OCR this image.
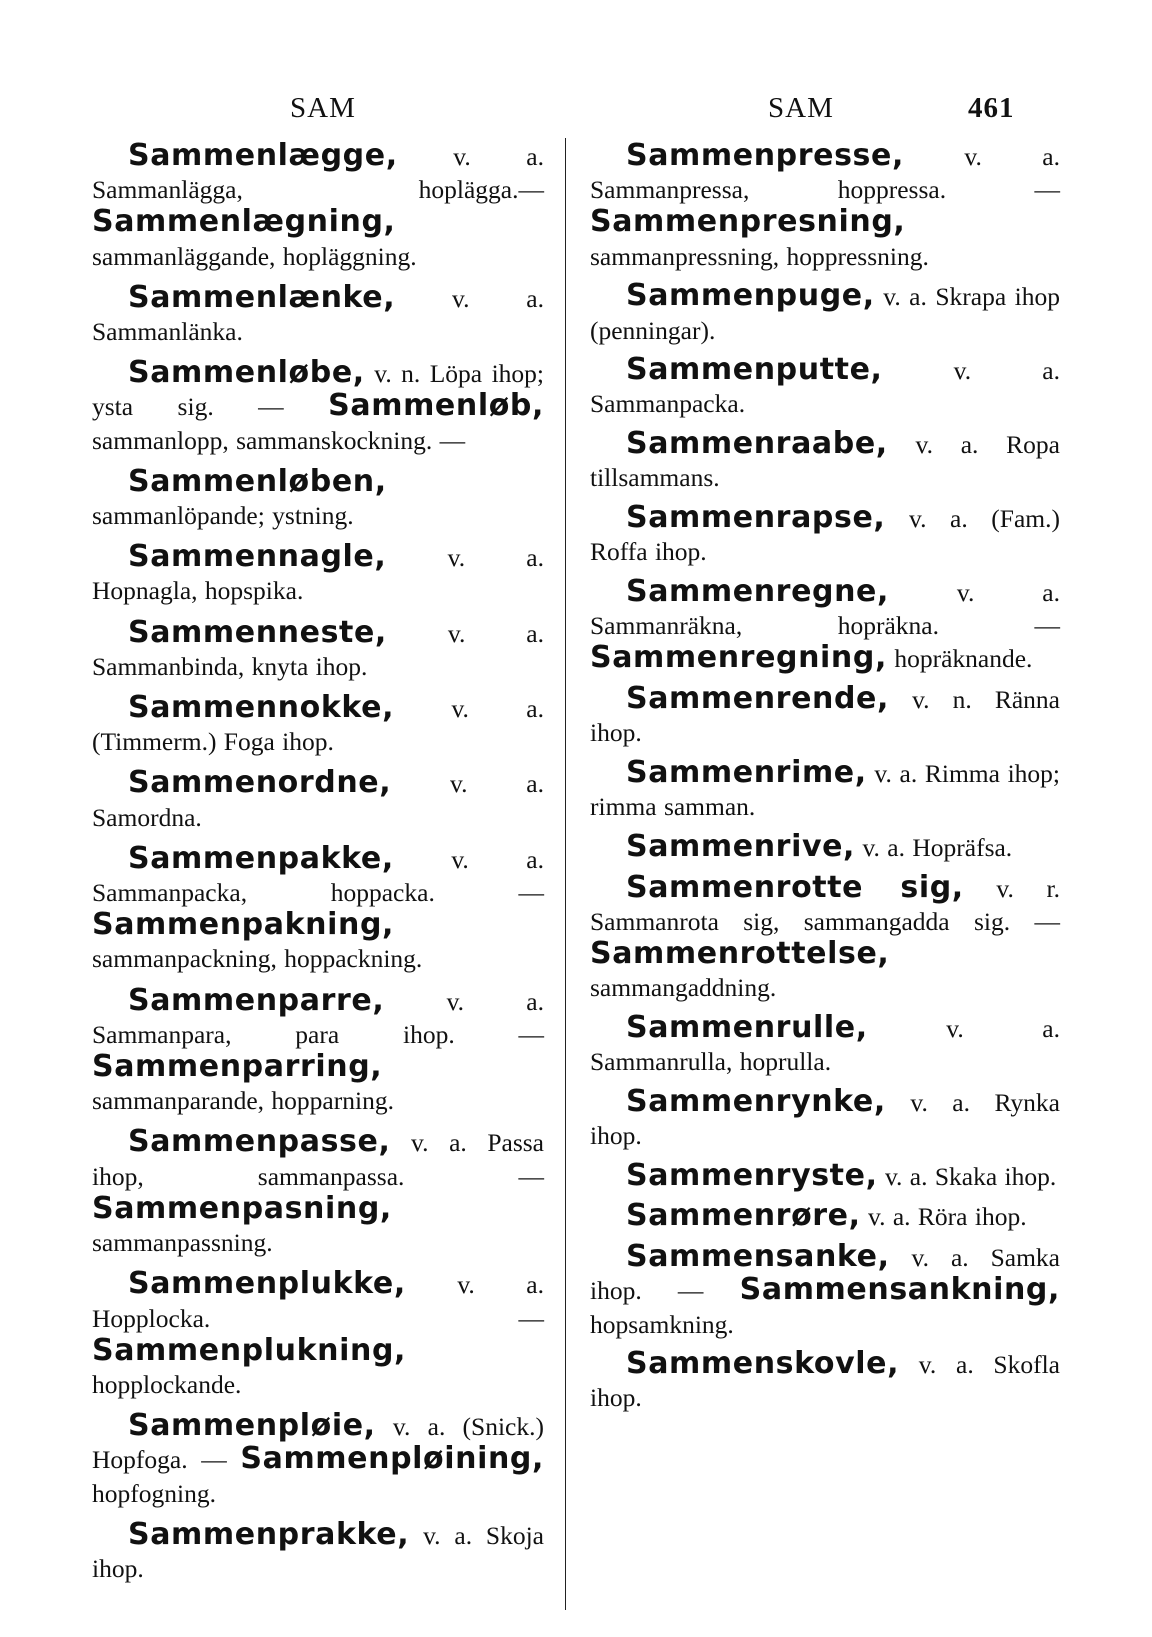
SAM	SAM	461

Sammenlægge, v. a. Sammanlägga, hoplägga.—Sammenlægning, sammanläggande, hopläggning.

Sammenlænke, v. a. Sammanlänka.

Sammenløbe, v. n. Löpa ihop; ysta sig. — Sammenløb, sammanlopp, sammanskockning. —

Sammenløben, sammanlöpande; ystning.

Sammennagle, v. a. Hopnagla, hopspika.

Sammenneste, v. a. Sammanbinda, knyta ihop.

Sammennokke, v. a. (Timmerm.) Foga ihop.

Sammenordne, v. a. Samordna.

Sammenpakke, v. a. Sammanpacka, hoppacka. — Sammenpakning, sammanpackning, hoppackning.

Sammenparre, v. a. Sammanpara, para ihop. — Sammenparring, sammanparande, hopparning.

Sammenpasse, v. a. Passa ihop, sammanpassa. — Sammenpasning, sammanpassning.

Sammenplukke, v. a. Hopplocka. — Sammenplukning, hopplockande.

Sammenpløie, v. a. (Snick.) Hopfoga. — Sammenpløining, hopfogning.

Sammenprakke, v. a. Skoja ihop.

Sammenpresse, v. a. Sammanpressa, hoppressa. — Sammenpresning, sammanpressning, hoppressning.

Sammenpuge, v. a. Skrapa ihop (penningar).

Sammenputte, v. a. Sammanpacka.

Sammenraabe, v. a. Ropa tillsammans.

Sammenrapse, v. a. (Fam.) Roffa ihop.

Sammenregne, v. a. Sammanräkna, hopräkna. — Sammenregning, hopräknande.

Sammenrende, v. n. Ränna ihop.

Sammenrime, v. a. Rimma ihop; rimma samman.

Sammenrive, v. a. Hopräfsa.

Sammenrotte sig, v. r. Sammanrota sig, sammangadda sig. — Sammenrottelse, sammangaddning.

Sammenrulle, v. a. Sammanrulla, hoprulla.

Sammenrynke, v. a. Rynka ihop.

Sammenryste, v. a. Skaka ihop.

Sammenrøre, v. a. Röra ihop.

Sammensanke, v. a. Samka ihop. — Sammensankning, hopsamkning.

Sammenskovle, v. a. Skofla ihop.
